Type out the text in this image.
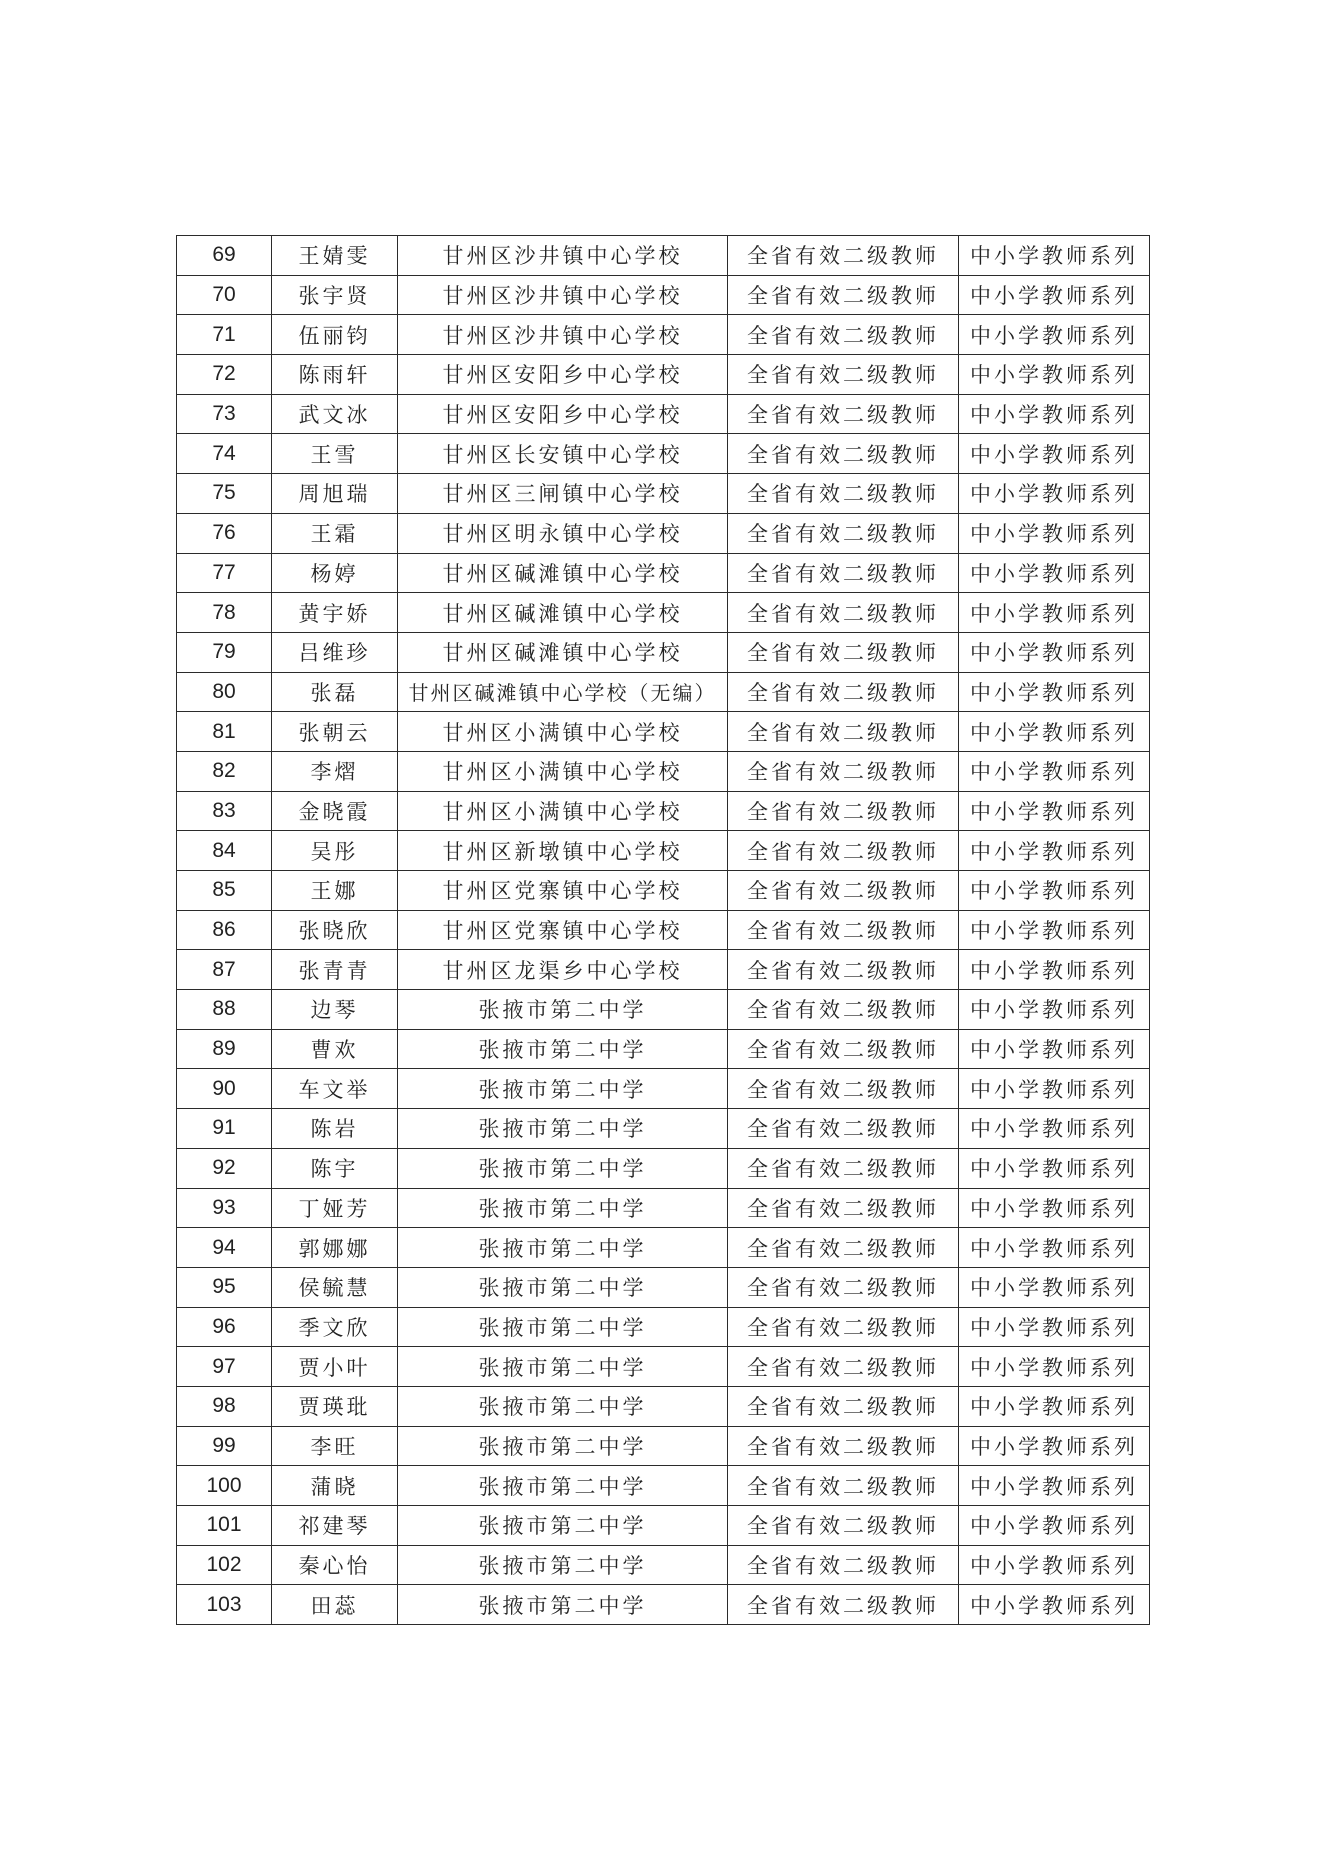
69	王婧雯	甘州区沙井镇中心学校	全省有效二级教师	中小学教师系列
70	张宇贤	甘州区沙井镇中心学校	全省有效二级教师	中小学教师系列
71	伍丽钧	甘州区沙井镇中心学校	全省有效二级教师	中小学教师系列
72	陈雨轩	甘州区安阳乡中心学校	全省有效二级教师	中小学教师系列
73	武文冰	甘州区安阳乡中心学校	全省有效二级教师	中小学教师系列
74	王雪	甘州区长安镇中心学校	全省有效二级教师	中小学教师系列
75	周旭瑞	甘州区三闸镇中心学校	全省有效二级教师	中小学教师系列
76	王霜	甘州区明永镇中心学校	全省有效二级教师	中小学教师系列
77	杨婷	甘州区碱滩镇中心学校	全省有效二级教师	中小学教师系列
78	黄宇娇	甘州区碱滩镇中心学校	全省有效二级教师	中小学教师系列
79	吕维珍	甘州区碱滩镇中心学校	全省有效二级教师	中小学教师系列
80	张磊	甘州区碱滩镇中心学校（无编）	全省有效二级教师	中小学教师系列
81	张朝云	甘州区小满镇中心学校	全省有效二级教师	中小学教师系列
82	李熠	甘州区小满镇中心学校	全省有效二级教师	中小学教师系列
83	金晓霞	甘州区小满镇中心学校	全省有效二级教师	中小学教师系列
84	吴彤	甘州区新墩镇中心学校	全省有效二级教师	中小学教师系列
85	王娜	甘州区党寨镇中心学校	全省有效二级教师	中小学教师系列
86	张晓欣	甘州区党寨镇中心学校	全省有效二级教师	中小学教师系列
87	张青青	甘州区龙渠乡中心学校	全省有效二级教师	中小学教师系列
88	边琴	张掖市第二中学	全省有效二级教师	中小学教师系列
89	曹欢	张掖市第二中学	全省有效二级教师	中小学教师系列
90	车文举	张掖市第二中学	全省有效二级教师	中小学教师系列
91	陈岩	张掖市第二中学	全省有效二级教师	中小学教师系列
92	陈宇	张掖市第二中学	全省有效二级教师	中小学教师系列
93	丁娅芳	张掖市第二中学	全省有效二级教师	中小学教师系列
94	郭娜娜	张掖市第二中学	全省有效二级教师	中小学教师系列
95	侯毓慧	张掖市第二中学	全省有效二级教师	中小学教师系列
96	季文欣	张掖市第二中学	全省有效二级教师	中小学教师系列
97	贾小叶	张掖市第二中学	全省有效二级教师	中小学教师系列
98	贾瑛玭	张掖市第二中学	全省有效二级教师	中小学教师系列
99	李旺	张掖市第二中学	全省有效二级教师	中小学教师系列
100	蒲晓	张掖市第二中学	全省有效二级教师	中小学教师系列
101	祁建琴	张掖市第二中学	全省有效二级教师	中小学教师系列
102	秦心怡	张掖市第二中学	全省有效二级教师	中小学教师系列
103	田蕊	张掖市第二中学	全省有效二级教师	中小学教师系列
